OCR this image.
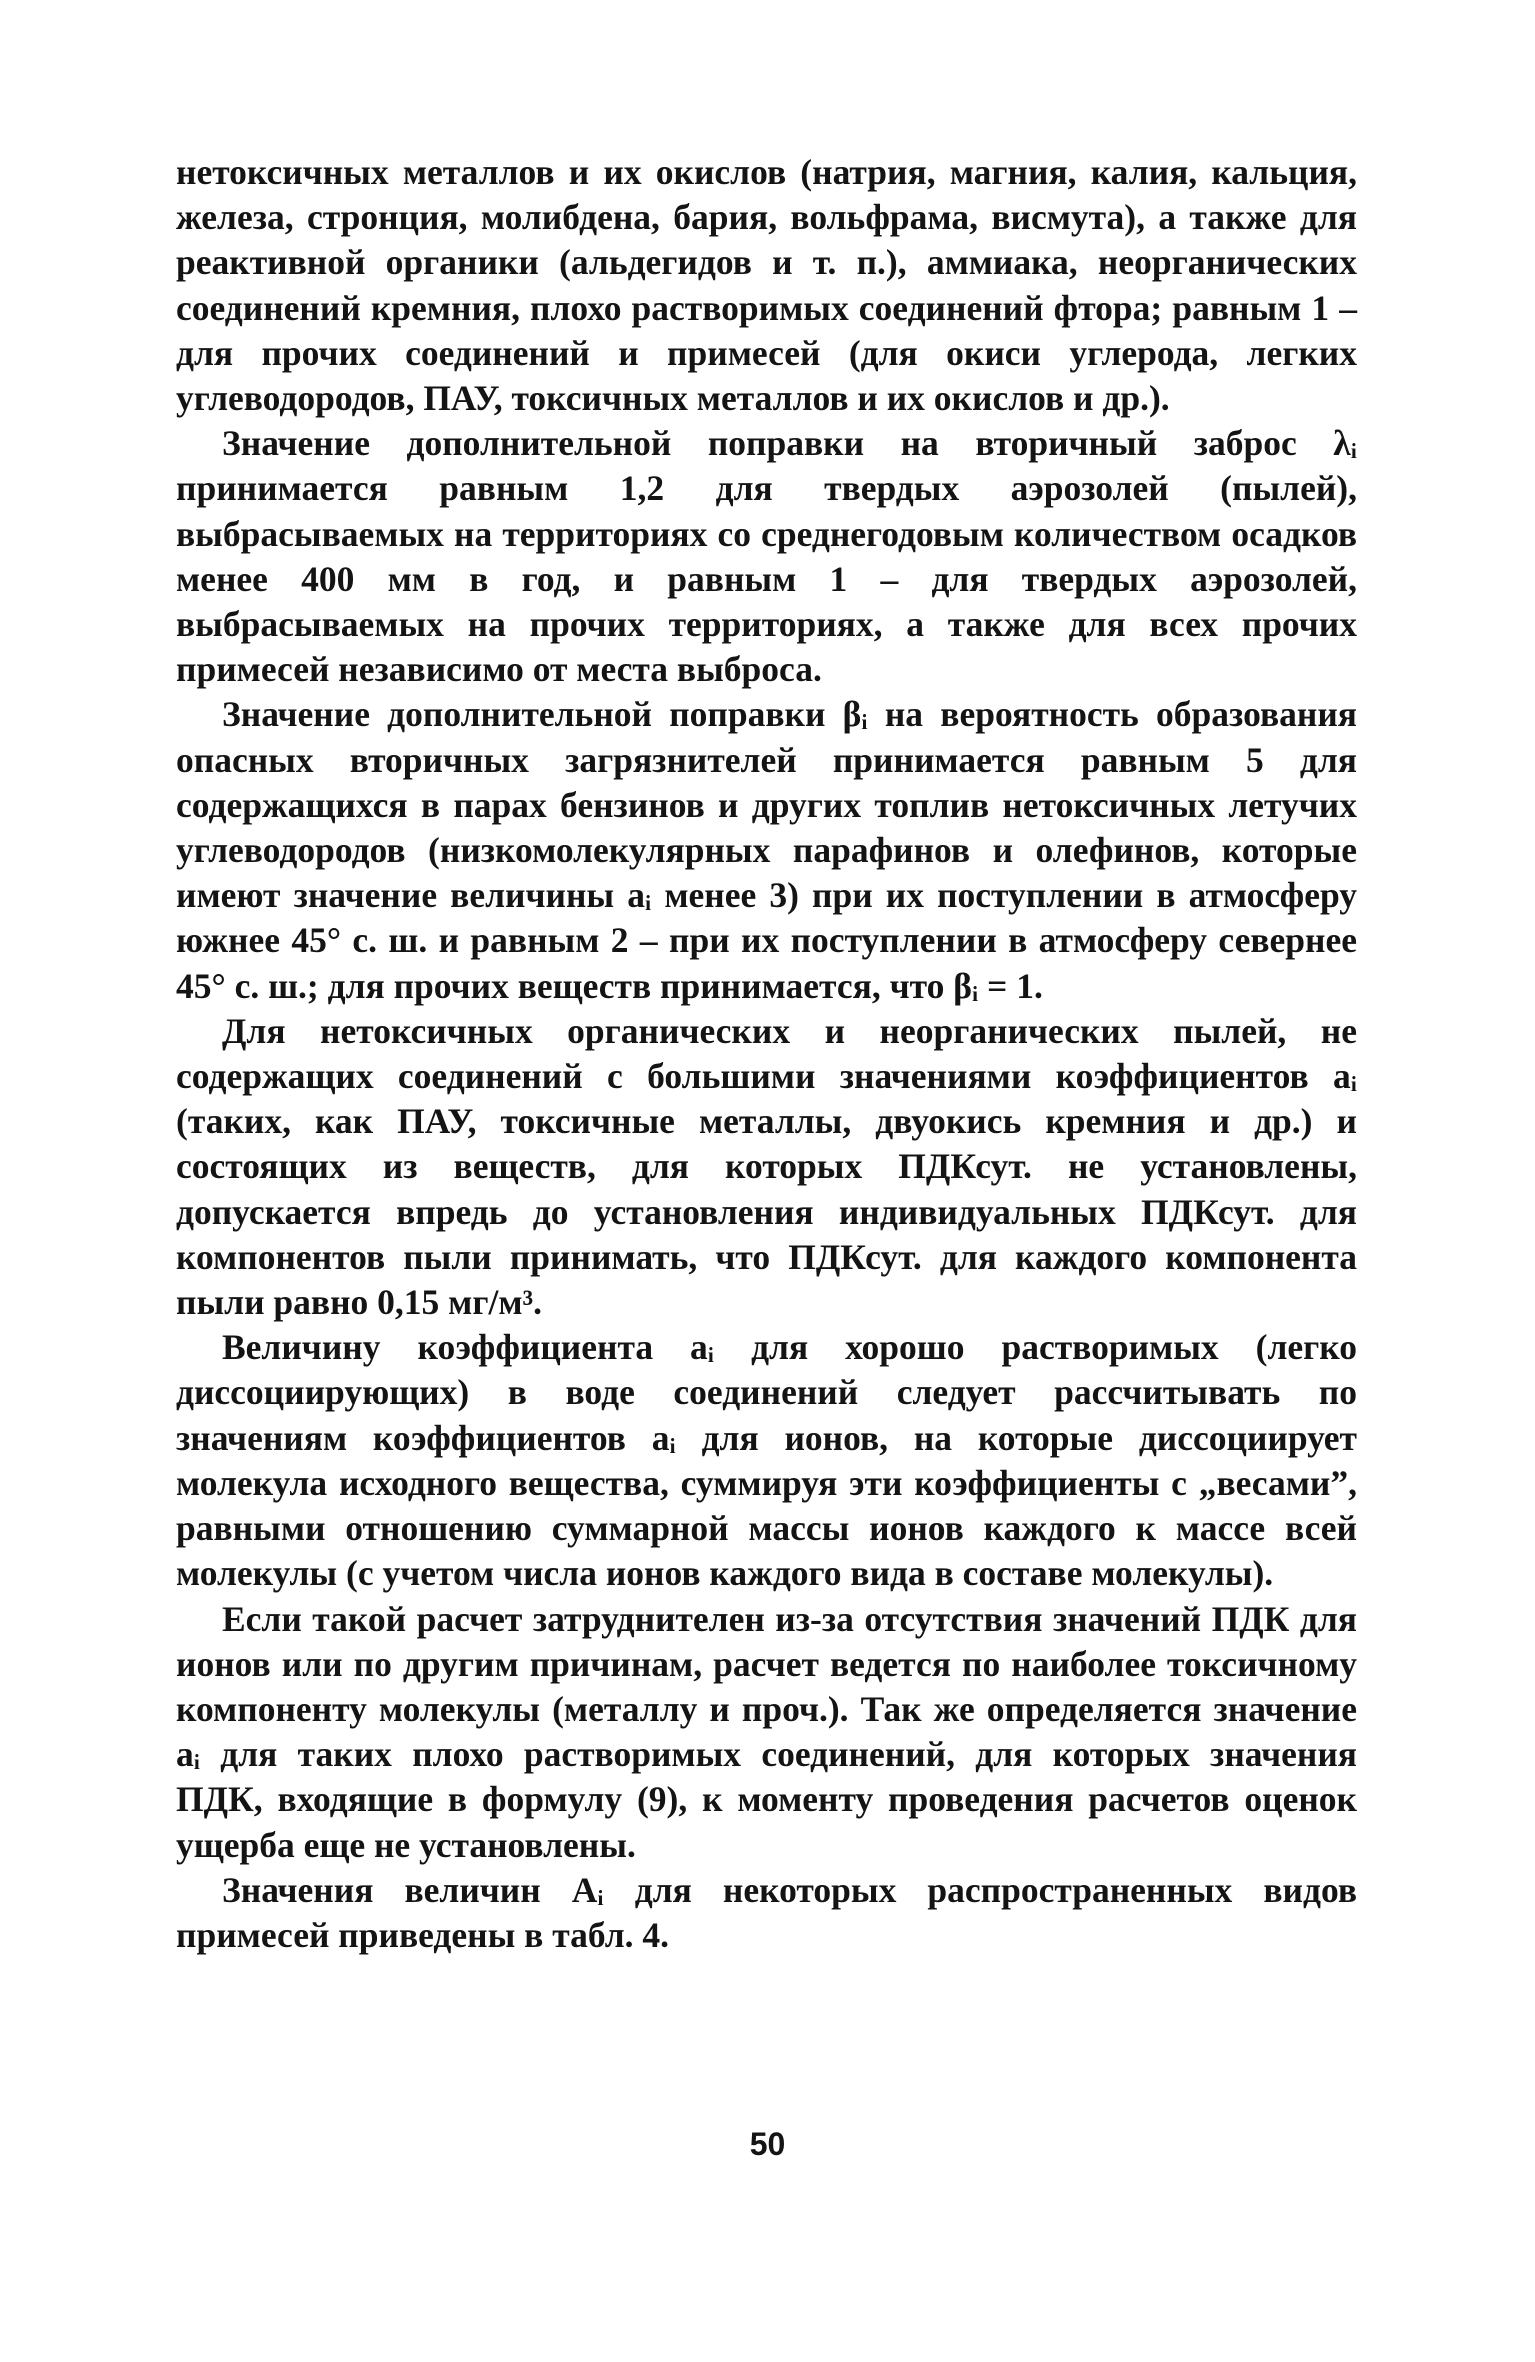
нетоксичных металлов и их окислов (натрия, магния, калия, кальция, железа, стронция, молибдена, бария, вольфрама, висмута), а также для реактивной органики (альдегидов и т. п.), аммиака, неорганических соединений кремния, плохо растворимых соединений фтора; равным 1 – для прочих соединений и примесей (для окиси углерода, легких углеводородов, ПАУ, токсичных металлов и их окислов и др.).

Значение дополнительной поправки на вторичный заброс λᵢ принимается равным 1,2 для твердых аэрозолей (пылей), выбрасываемых на территориях со среднегодовым количеством осадков менее 400 мм в год, и равным 1 – для твердых аэрозолей, выбрасываемых на прочих территориях, а также для всех прочих примесей независимо от места выброса.

Значение дополнительной поправки βᵢ на вероятность образования опасных вторичных загрязнителей принимается равным 5 для содержащихся в парах бензинов и других топлив нетоксичных летучих углеводородов (низкомолекулярных парафинов и олефинов, которые имеют значение величины aᵢ менее 3) при их поступлении в атмосферу южнее 45° с. ш. и равным 2 – при их поступлении в атмосферу севернее 45° с. ш.; для прочих веществ принимается, что βᵢ = 1.

Для нетоксичных органических и неорганических пылей, не содержащих соединений с большими значениями коэффициентов aᵢ (таких, как ПАУ, токсичные металлы, двуокись кремния и др.) и состоящих из веществ, для которых ПДКсут. не установлены, допускается впредь до установления индивидуальных ПДКсут. для компонентов пыли принимать, что ПДКсут. для каждого компонента пыли равно 0,15 мг/м³.

Величину коэффициента aᵢ для хорошо растворимых (легко диссоциирующих) в воде соединений следует рассчитывать по значениям коэффициентов aᵢ для ионов, на которые диссоциирует молекула исходного вещества, суммируя эти коэффициенты с „весами”, равными отношению суммарной массы ионов каждого к массе всей молекулы (с учетом числа ионов каждого вида в составе молекулы).

Если такой расчет затруднителен из-за отсутствия значений ПДК для ионов или по другим причинам, расчет ведется по наиболее токсичному компоненту молекулы (металлу и проч.). Так же определяется значение aᵢ для таких плохо растворимых соединений, для которых значения ПДК, входящие в формулу (9), к моменту проведения расчетов оценок ущерба еще не установлены.

Значения величин Aᵢ для некоторых распространенных видов примесей приведены в табл. 4.

50
